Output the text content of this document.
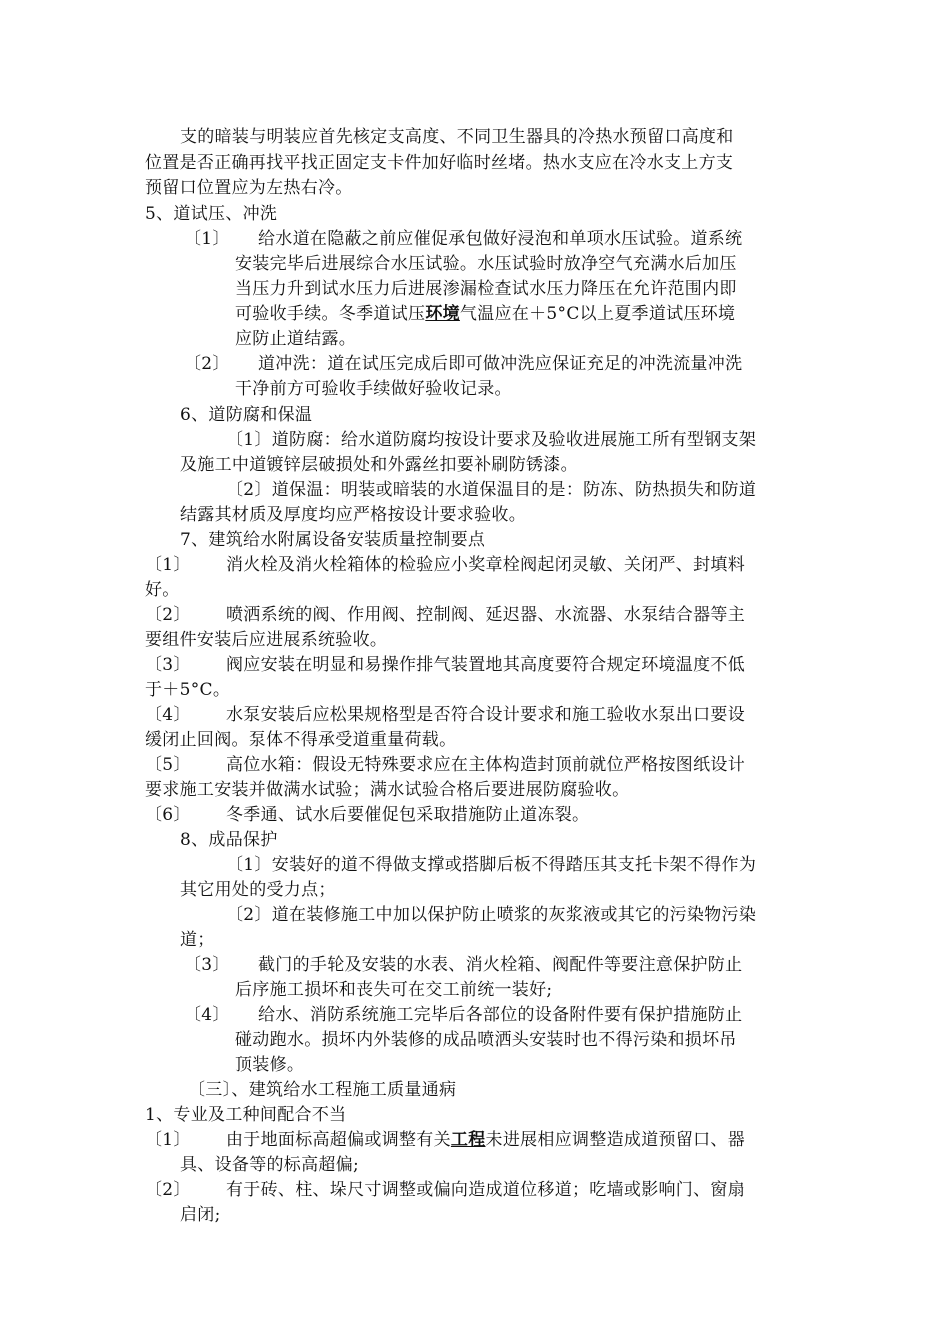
支的暗装与明装应首先核定支高度、不同卫生器具的冷热水预留口高度和
位置是否正确再找平找正固定支卡件加好临时丝堵。热水支应在冷水支上方支
预留口位置应为左热右冷。
5、道试压、冲洗
〔1〕 给水道在隐蔽之前应催促承包做好浸泡和单项水压试验。道系统
安装完毕后进展综合水压试验。水压试验时放净空气充满水后加压
当压力升到试水压力后进展渗漏检查试水压力降压在允许范围内即
可验收手续。冬季道试压环境气温应在＋5°C以上夏季道试压环境
应防止道结露。
〔2〕 道冲洗：道在试压完成后即可做冲洗应保证充足的冲洗流量冲洗
干净前方可验收手续做好验收记录。
6、道防腐和保温
〔1〕道防腐：给水道防腐均按设计要求及验收进展施工所有型钢支架
及施工中道镀锌层破损处和外露丝扣要补刷防锈漆。
〔2〕道保温：明装或暗装的水道保温目的是：防冻、防热损失和防道
结露其材质及厚度均应严格按设计要求验收。
7、建筑给水附属设备安装质量控制要点
〔1〕 消火栓及消火栓箱体的检验应小奖章栓阀起闭灵敏、关闭严、封填料
好。
〔2〕 喷洒系统的阀、作用阀、控制阀、延迟器、水流器、水泵结合器等主
要组件安装后应进展系统验收。
〔3〕 阀应安装在明显和易操作排气装置地其高度要符合规定环境温度不低
于＋5°C。
〔4〕 水泵安装后应松果规格型是否符合设计要求和施工验收水泵出口要设
缓闭止回阀。泵体不得承受道重量荷载。
〔5〕 高位水箱：假设无特殊要求应在主体构造封顶前就位严格按图纸设计
要求施工安装并做满水试验；满水试验合格后要进展防腐验收。
〔6〕 冬季通、试水后要催促包采取措施防止道冻裂。
8、成品保护
〔1〕安装好的道不得做支撑或搭脚后板不得踏压其支托卡架不得作为
其它用处的受力点；
〔2〕道在装修施工中加以保护防止喷浆的灰浆液或其它的污染物污染
道；
〔3〕 截门的手轮及安装的水表、消火栓箱、阀配件等要注意保护防止
后序施工损坏和丧失可在交工前统一装好;
〔4〕 给水、消防系统施工完毕后各部位的设备附件要有保护措施防止
碰动跑水。损坏内外装修的成品喷洒头安装时也不得污染和损坏吊
顶装修。
〔三〕、建筑给水工程施工质量通病
1、专业及工种间配合不当
〔1〕 由于地面标高超偏或调整有关工程未进展相应调整造成道预留口、器
具、设备等的标高超偏;
〔2〕 有于砖、柱、垛尺寸调整或偏向造成道位移道；吃墙或影响门、窗扇
启闭;
